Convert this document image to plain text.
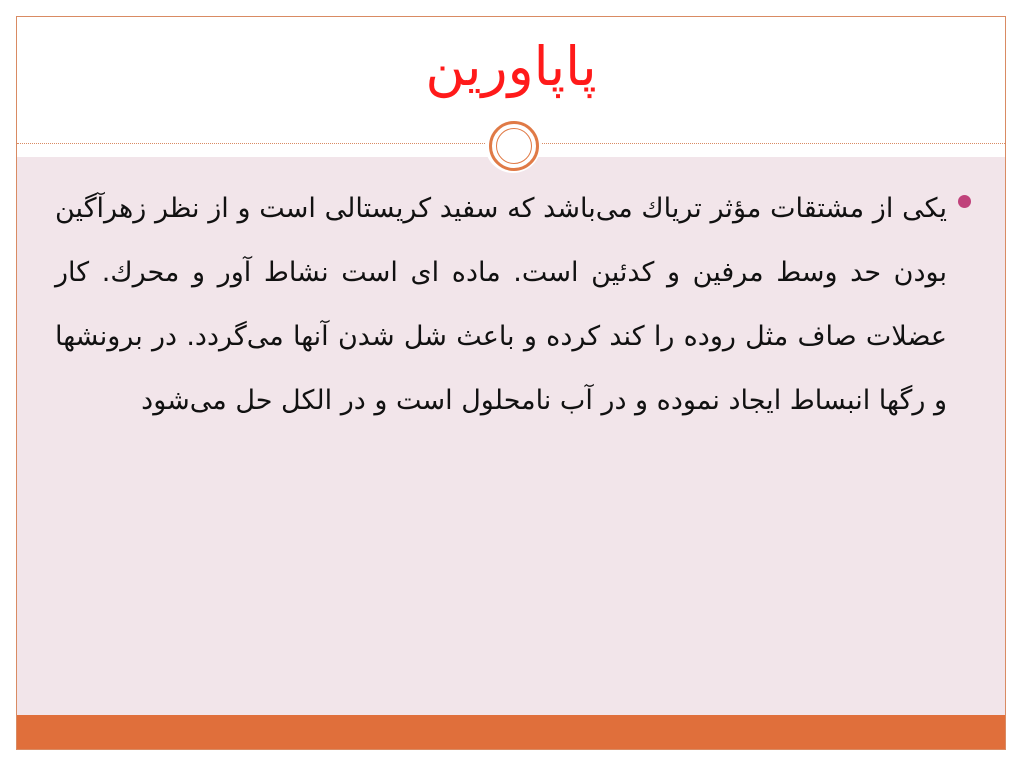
پاپاورین

یکی از مشتقات مؤثر تریاك می‌باشد که سفید کریستالی است و از نظر زهرآگین بودن حد وسط مرفین و کدئین است. ماده ای است نشاط آور و محرك. کار عضلات صاف مثل روده را کند کرده و باعث شل شدن آنها می‌گردد. در برونشها و رگها انبساط ایجاد نموده و در آب نامحلول است و در الکل حل می‌شود
